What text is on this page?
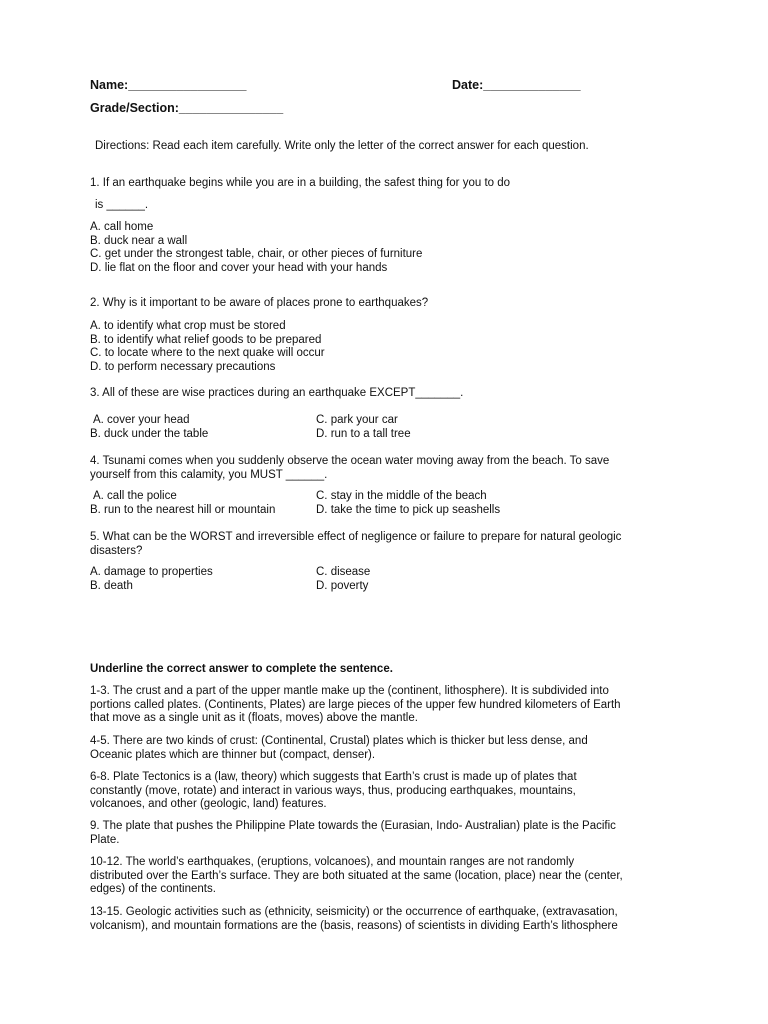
Name:_________________	Date:______________
Grade/Section:_______________
Directions: Read each item carefully. Write only the letter of the correct answer for each question.
1. If an earthquake begins while you are in a building, the safest thing for you to do
is ______.
A. call home
B. duck near a wall
C. get under the strongest table, chair, or other pieces of furniture
D. lie flat on the floor and cover your head with your hands
2. Why is it important to be aware of places prone to earthquakes?
A. to identify what crop must be stored
B. to identify what relief goods to be prepared
C. to locate where to the next quake will occur
D. to perform necessary precautions
3. All of these are wise practices during an earthquake EXCEPT_______.
A. cover your head	C. park your car
B. duck under the table	D. run to a tall tree
4. Tsunami comes when you suddenly observe the ocean water moving away from the beach. To save
yourself from this calamity, you MUST ______.
A. call the police	C. stay in the middle of the beach
B. run to the nearest hill or mountain	D. take the time to pick up seashells
5. What can be the WORST and irreversible effect of negligence or failure to prepare for natural geologic
disasters?
A. damage to properties	C. disease
B. death	D. poverty
Underline the correct answer to complete the sentence.
1-3. The crust and a part of the upper mantle make up the (continent, lithosphere). It is subdivided into
portions called plates. (Continents, Plates) are large pieces of the upper few hundred kilometers of Earth
that move as a single unit as it (floats, moves) above the mantle.
4-5. There are two kinds of crust: (Continental, Crustal) plates which is thicker but less dense, and
Oceanic plates which are thinner but (compact, denser).
6-8. Plate Tectonics is a (law, theory) which suggests that Earth’s crust is made up of plates that
constantly (move, rotate) and interact in various ways, thus, producing earthquakes, mountains,
volcanoes, and other (geologic, land) features.
9. The plate that pushes the Philippine Plate towards the (Eurasian, Indo- Australian) plate is the Pacific
Plate.
10-12. The world’s earthquakes, (eruptions, volcanoes), and mountain ranges are not randomly
distributed over the Earth’s surface. They are both situated at the same (location, place) near the (center,
edges) of the continents.
13-15. Geologic activities such as (ethnicity, seismicity) or the occurrence of earthquake, (extravasation,
volcanism), and mountain formations are the (basis, reasons) of scientists in dividing Earth’s lithosphere
